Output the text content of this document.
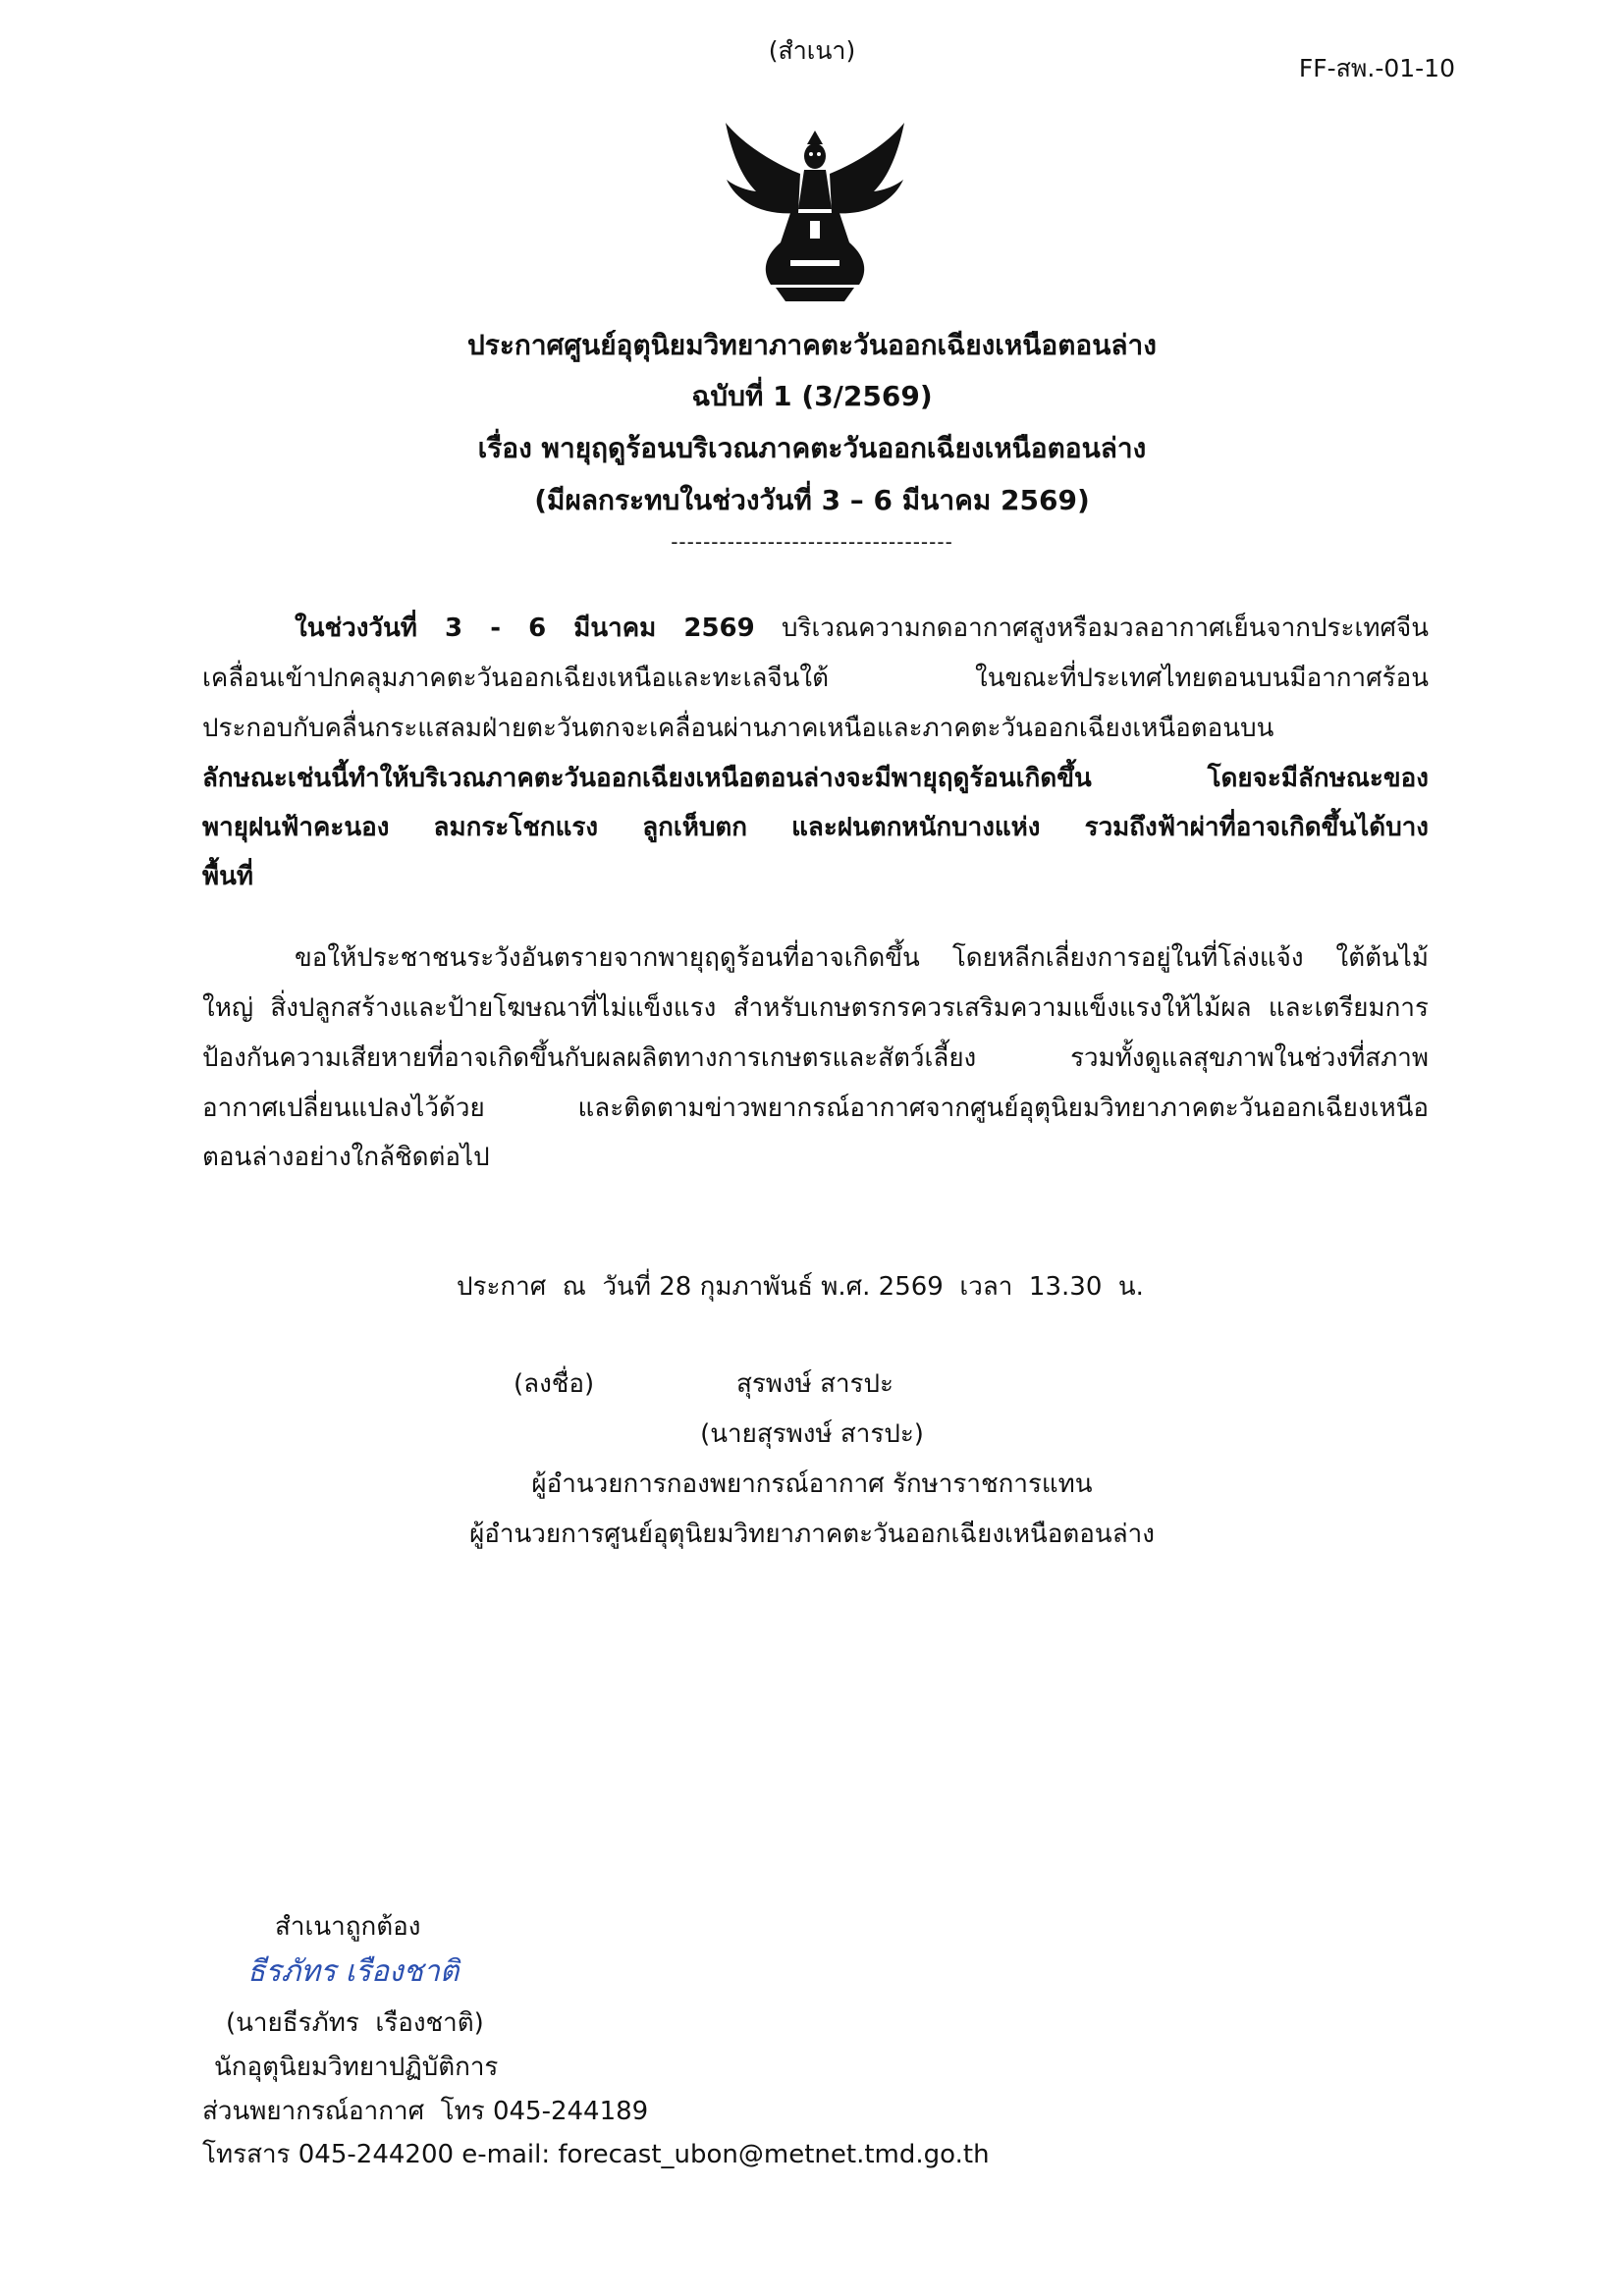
(สำเนา)
FF-สพ.-01-10
ประกาศศูนย์อุตุนิยมวิทยาภาคตะวันออกเฉียงเหนือตอนล่าง
ฉบับที่ 1 (3/2569)
เรื่อง พายุฤดูร้อนบริเวณภาคตะวันออกเฉียงเหนือตอนล่าง
(มีผลกระทบในช่วงวันที่ 3 – 6 มีนาคม 2569)
-----------------------------------
ในช่วงวันที่ 3 - 6 มีนาคม 2569 บริเวณความกดอากาศสูงหรือมวลอากาศเย็นจากประเทศจีน
เคลื่อนเข้าปกคลุมภาคตะวันออกเฉียงเหนือและทะเลจีนใต้ ในขณะที่ประเทศไทยตอนบนมีอากาศร้อน
ประกอบกับคลื่นกระแสลมฝ่ายตะวันตกจะเคลื่อนผ่านภาคเหนือและภาคตะวันออกเฉียงเหนือตอนบน
ลักษณะเช่นนี้ทำให้บริเวณภาคตะวันออกเฉียงเหนือตอนล่างจะมีพายุฤดูร้อนเกิดขึ้น โดยจะมีลักษณะของ
พายุฝนฟ้าคะนอง ลมกระโชกแรง ลูกเห็บตก และฝนตกหนักบางแห่ง รวมถึงฟ้าผ่าที่อาจเกิดขึ้นได้บาง
พื้นที่
ขอให้ประชาชนระวังอันตรายจากพายุฤดูร้อนที่อาจเกิดขึ้น โดยหลีกเลี่ยงการอยู่ในที่โล่งแจ้ง ใต้ต้นไม้
ใหญ่ สิ่งปลูกสร้างและป้ายโฆษณาที่ไม่แข็งแรง สำหรับเกษตรกรควรเสริมความแข็งแรงให้ไม้ผล และเตรียมการ
ป้องกันความเสียหายที่อาจเกิดขึ้นกับผลผลิตทางการเกษตรและสัตว์เลี้ยง รวมทั้งดูแลสุขภาพในช่วงที่สภาพ
อากาศเปลี่ยนแปลงไว้ด้วย และติดตามข่าวพยากรณ์อากาศจากศูนย์อุตุนิยมวิทยาภาคตะวันออกเฉียงเหนือ
ตอนล่างอย่างใกล้ชิดต่อไป
ประกาศ  ณ  วันที่ 28 กุมภาพันธ์ พ.ศ. 2569  เวลา  13.30  น.
(ลงชื่อ)	สุรพงษ์ สารปะ
(นายสุรพงษ์ สารปะ)
ผู้อำนวยการกองพยากรณ์อากาศ รักษาราชการแทน
ผู้อำนวยการศูนย์อุตุนิยมวิทยาภาคตะวันออกเฉียงเหนือตอนล่าง
สำเนาถูกต้อง
ธีรภัทร เรืองชาติ
(นายธีรภัทร  เรืองชาติ)
นักอุตุนิยมวิทยาปฏิบัติการ
ส่วนพยากรณ์อากาศ  โทร 045-244189
โทรสาร 045-244200 e-mail: forecast_ubon@metnet.tmd.go.th
